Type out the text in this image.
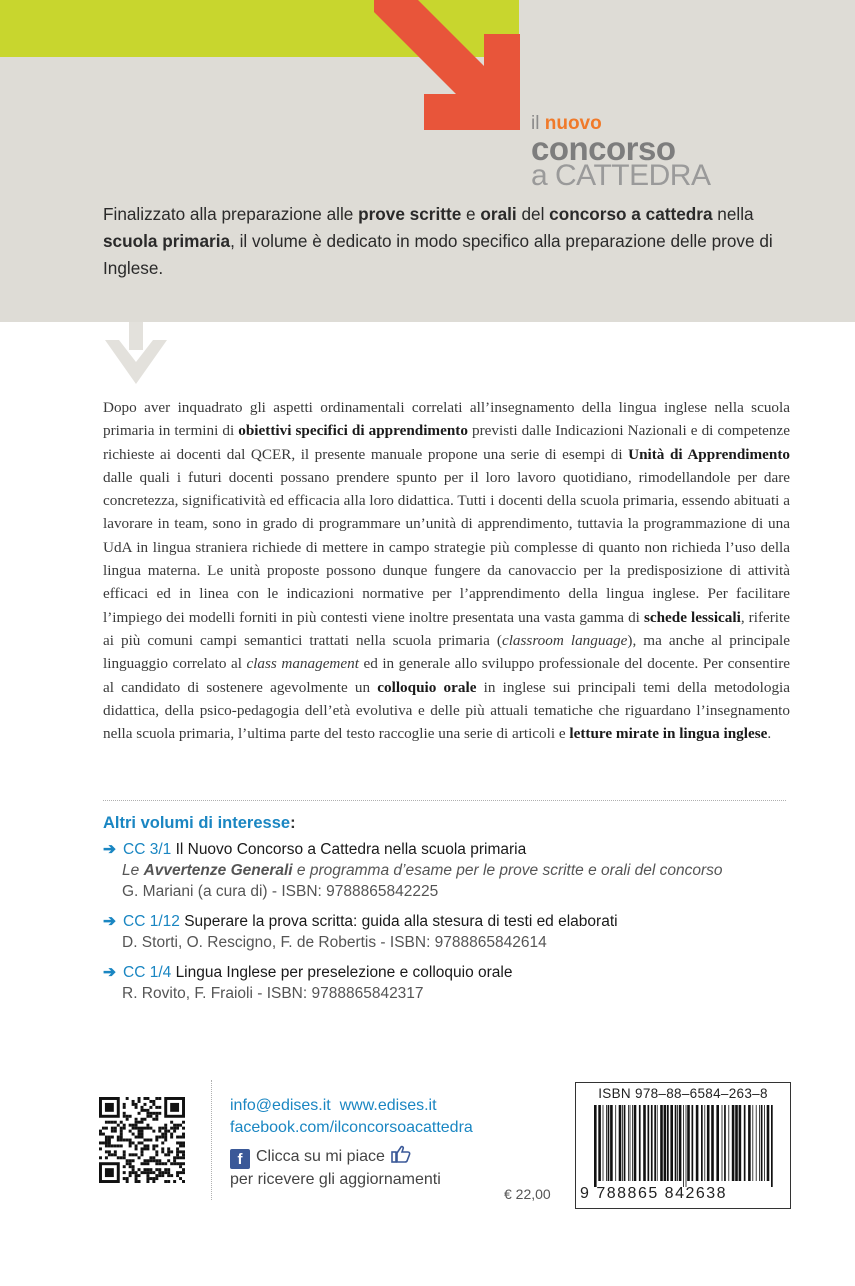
il nuovo
concorso
a CATTEDRA
Finalizzato alla preparazione alle prove scritte e orali del concorso a cattedra nella scuola primaria, il volume è dedicato in modo specifico alla preparazione delle prove di Inglese.
Dopo aver inquadrato gli aspetti ordinamentali correlati all’insegnamento della lingua inglese nella scuola primaria in termini di obiettivi specifici di apprendimento previsti dalle Indicazioni Nazionali e di competenze richieste ai docenti dal QCER, il presente manuale propone una serie di esempi di Unità di Apprendimento dalle quali i futuri docenti possano prendere spunto per il loro lavoro quotidiano, rimodellandole per dare concretezza, significatività ed efficacia alla loro didattica. Tutti i docenti della scuola primaria, essendo abituati a lavorare in team, sono in grado di programmare un’unità di apprendimento, tuttavia la programmazione di una UdA in lingua straniera richiede di mettere in campo strategie più complesse di quanto non richieda l’uso della lingua materna. Le unità proposte possono dunque fungere da canovaccio per la predisposizione di attività efficaci ed in linea con le indicazioni normative per l’apprendimento della lingua inglese. Per facilitare l’impiego dei modelli forniti in più contesti viene inoltre presentata una vasta gamma di schede lessicali, riferite ai più comuni campi semantici trattati nella scuola primaria (classroom language), ma anche al principale linguaggio correlato al class management ed in generale allo sviluppo professionale del docente. Per consentire al candidato di sostenere agevolmente un colloquio orale in inglese sui principali temi della metodologia didattica, della psico-pedagogia dell’età evolutiva e delle più attuali tematiche che riguardano l’insegnamento nella scuola primaria, l’ultima parte del testo raccoglie una serie di articoli e letture mirate in lingua inglese.
Altri volumi di interesse:
➔ CC 3/1 Il Nuovo Concorso a Cattedra nella scuola primaria
Le Avvertenze Generali e programma d’esame per le prove scritte e orali del concorso
G. Mariani (a cura di) - ISBN: 9788865842225
➔ CC 1/12 Superare la prova scritta: guida alla stesura di testi ed elaborati
D. Storti, O. Rescigno, F. de Robertis - ISBN: 9788865842614
➔ CC 1/4 Lingua Inglese per preselezione e colloquio orale
R. Rovito, F. Fraioli - ISBN: 9788865842317
info@edises.it www.edises.it
facebook.com/ilconcorsoacattedra
f Clicca su mi piace
per ricevere gli aggiornamenti
€ 22,00
ISBN 978–88–6584–263–8
9 788865 842638
